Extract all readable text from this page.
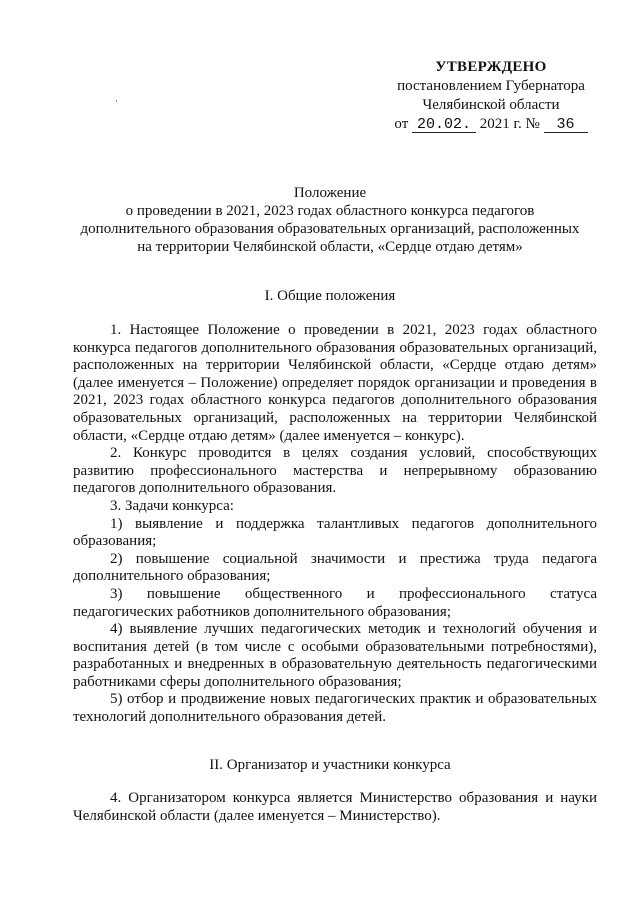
УТВЕРЖДЕНО
постановлением Губернатора
Челябинской области
от 20.02. 2021 г. № 36
Положение
о проведении в 2021, 2023 годах областного конкурса педагогов
дополнительного образования образовательных организаций, расположенных
на территории Челябинской области, «Сердце отдаю детям»
I. Общие положения

1. Настоящее Положение о проведении в 2021, 2023 годах областного конкурса педагогов дополнительного образования образовательных организаций, расположенных на территории Челябинской области, «Сердце отдаю детям» (далее именуется – Положение) определяет порядок организации и проведения в 2021, 2023 годах областного конкурса педагогов дополнительного образования образовательных организаций, расположенных на территории Челябинской области, «Сердце отдаю детям» (далее именуется – конкурс).

2. Конкурс проводится в целях создания условий, способствующих развитию профессионального мастерства и непрерывному образованию педагогов дополнительного образования.

3. Задачи конкурса:

1) выявление и поддержка талантливых педагогов дополнительного образования;

2) повышение социальной значимости и престижа труда педагога дополнительного образования;

3) повышение общественного и профессионального статуса педагогических работников дополнительного образования;

4) выявление лучших педагогических методик и технологий обучения и воспитания детей (в том числе с особыми образовательными потребностями), разработанных и внедренных в образовательную деятельность педагогическими работниками сферы дополнительного образования;

5) отбор и продвижение новых педагогических практик и образовательных технологий дополнительного образования детей.

II. Организатор и участники конкурса

4. Организатором конкурса является Министерство образования и науки Челябинской области (далее именуется – Министерство).
